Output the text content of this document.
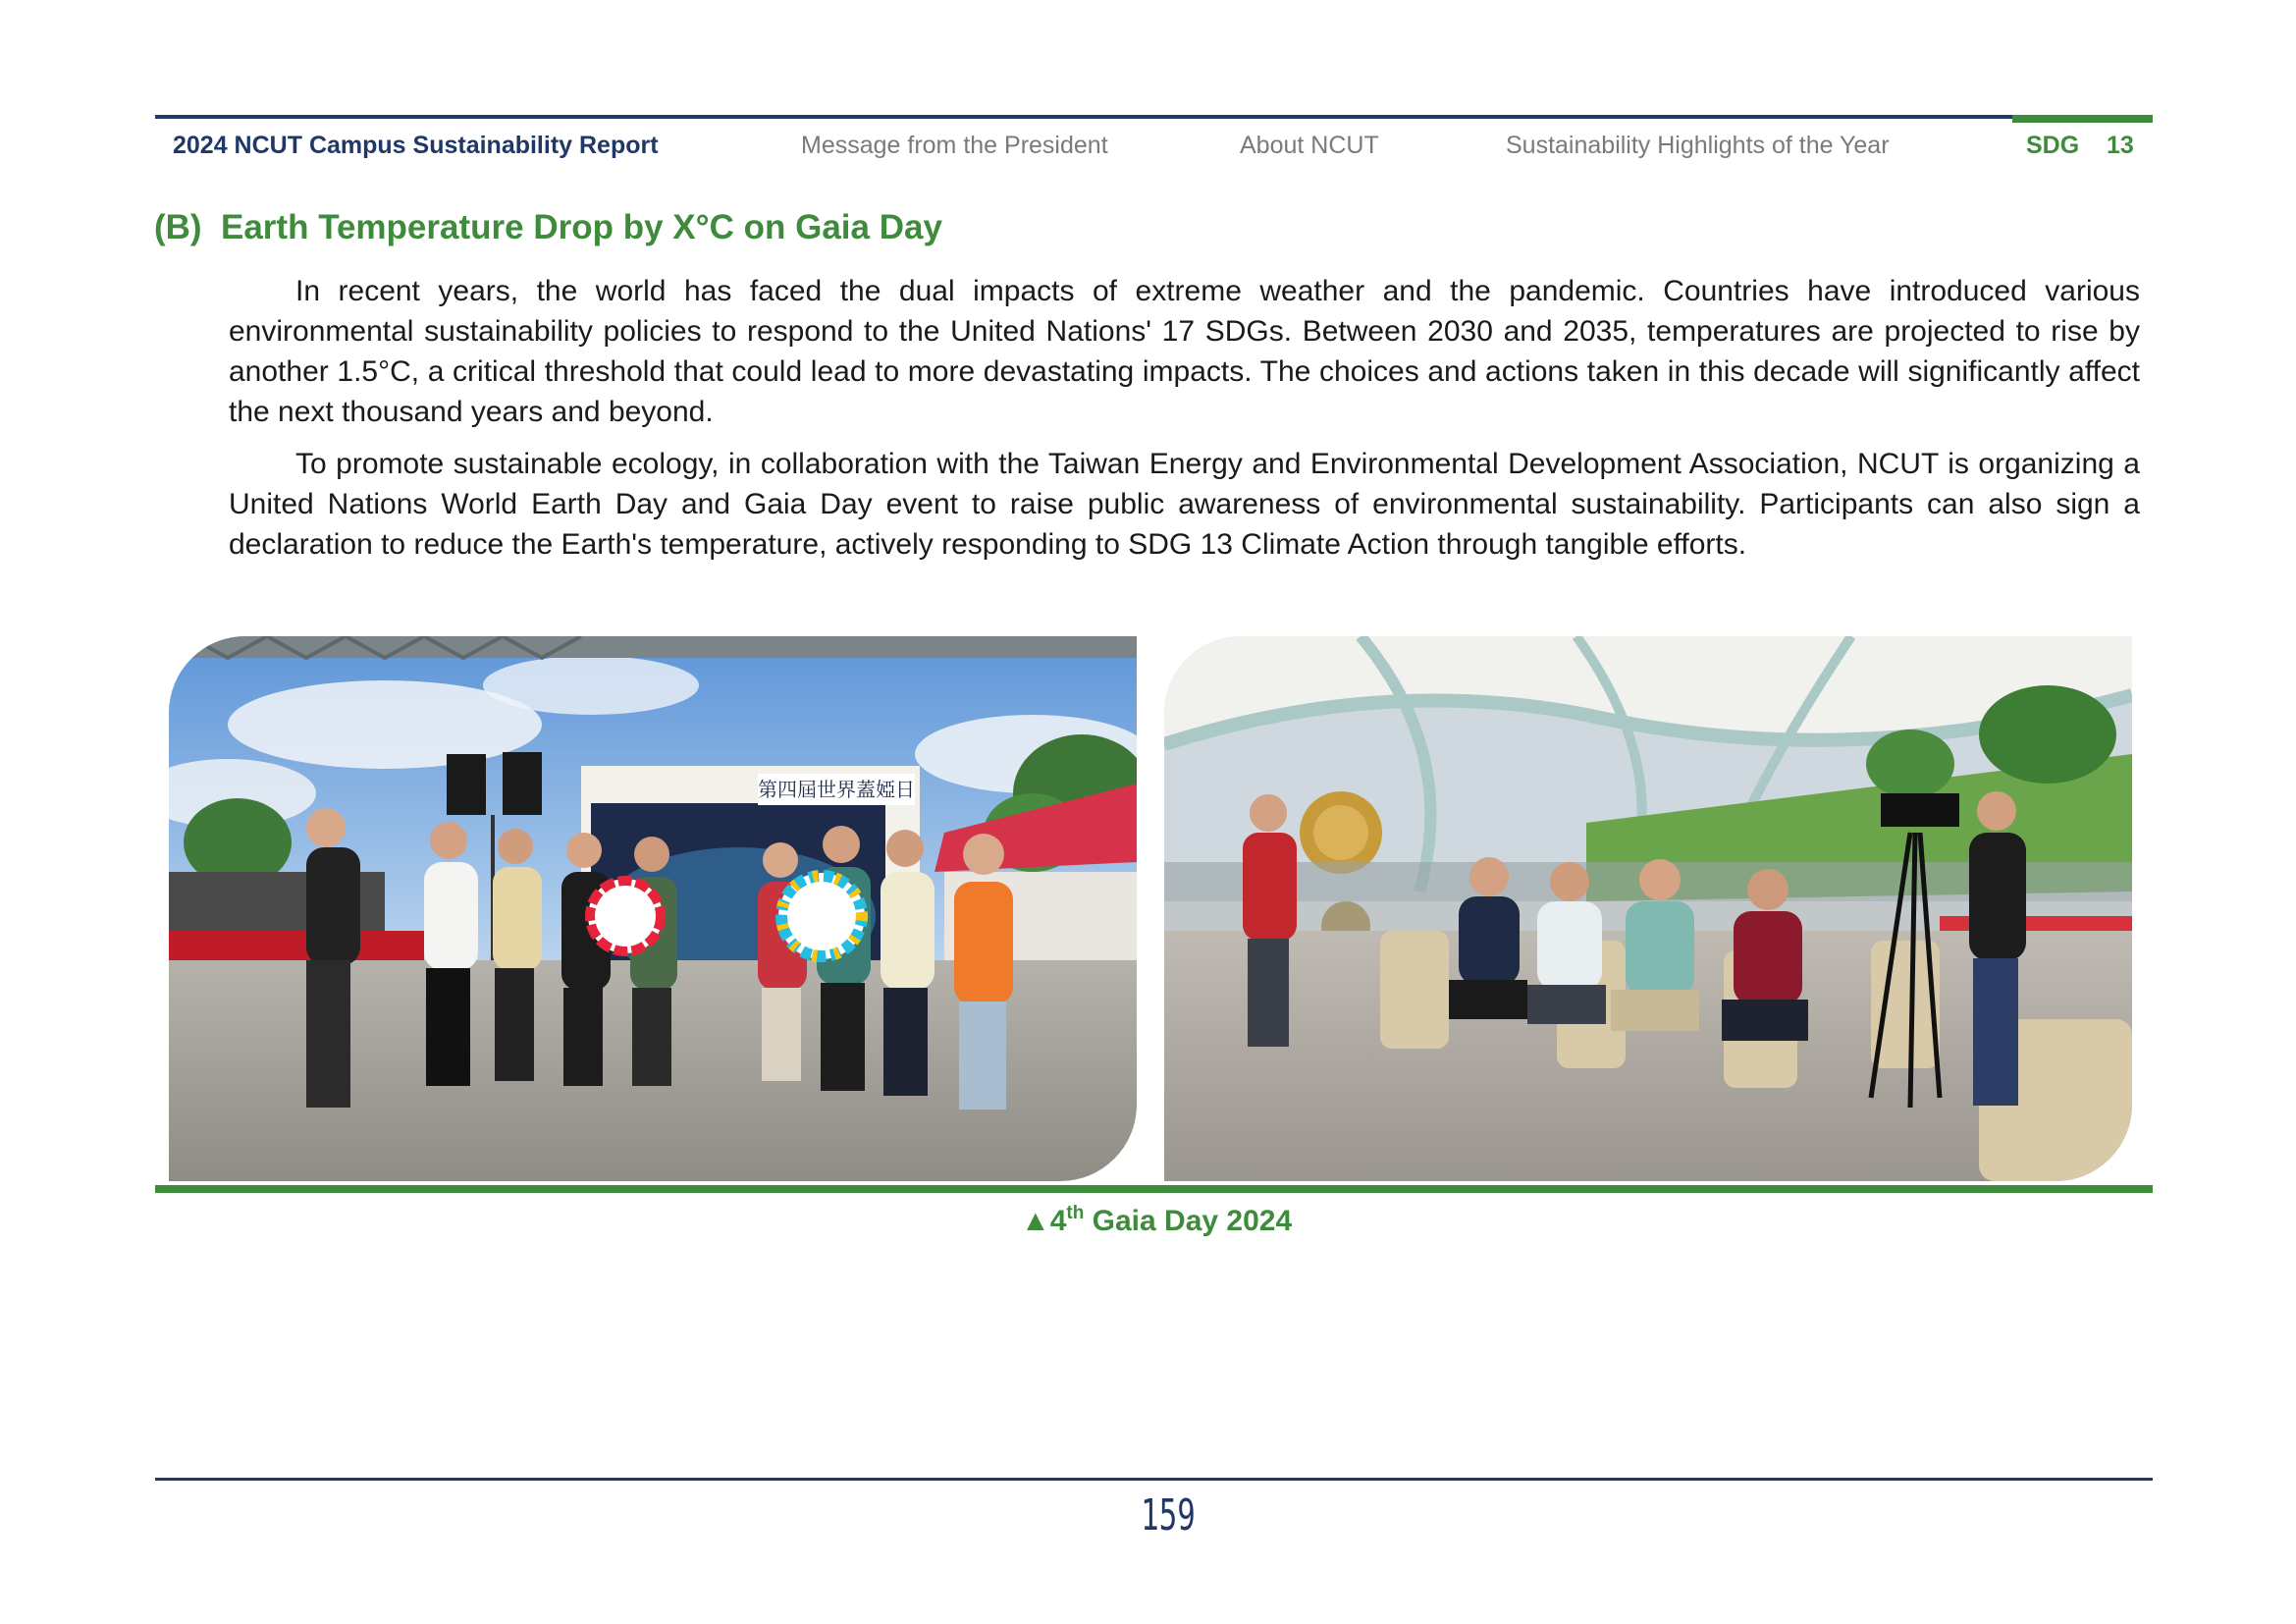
2024 NCUT Campus Sustainability Report	Message from the President	About NCUT	Sustainability Highlights of the Year	SDG 13
(B) Earth Temperature Drop by X°C on Gaia Day

In recent years, the world has faced the dual impacts of extreme weather and the pandemic. Countries have introduced various environmental sustainability policies to respond to the United Nations' 17 SDGs. Between 2030 and 2035, temperatures are projected to rise by another 1.5°C, a critical threshold that could lead to more devastating impacts. The choices and actions taken in this decade will significantly affect the next thousand years and beyond.

To promote sustainable ecology, in collaboration with the Taiwan Energy and Environmental Development Association, NCUT is organizing a United Nations World Earth Day and Gaia Day event to raise public awareness of environmental sustainability. Participants can also sign a declaration to reduce the Earth's temperature, actively responding to SDG 13 Climate Action through tangible efforts.

第四屆世界蓋婭日
▲4th Gaia Day 2024
159
